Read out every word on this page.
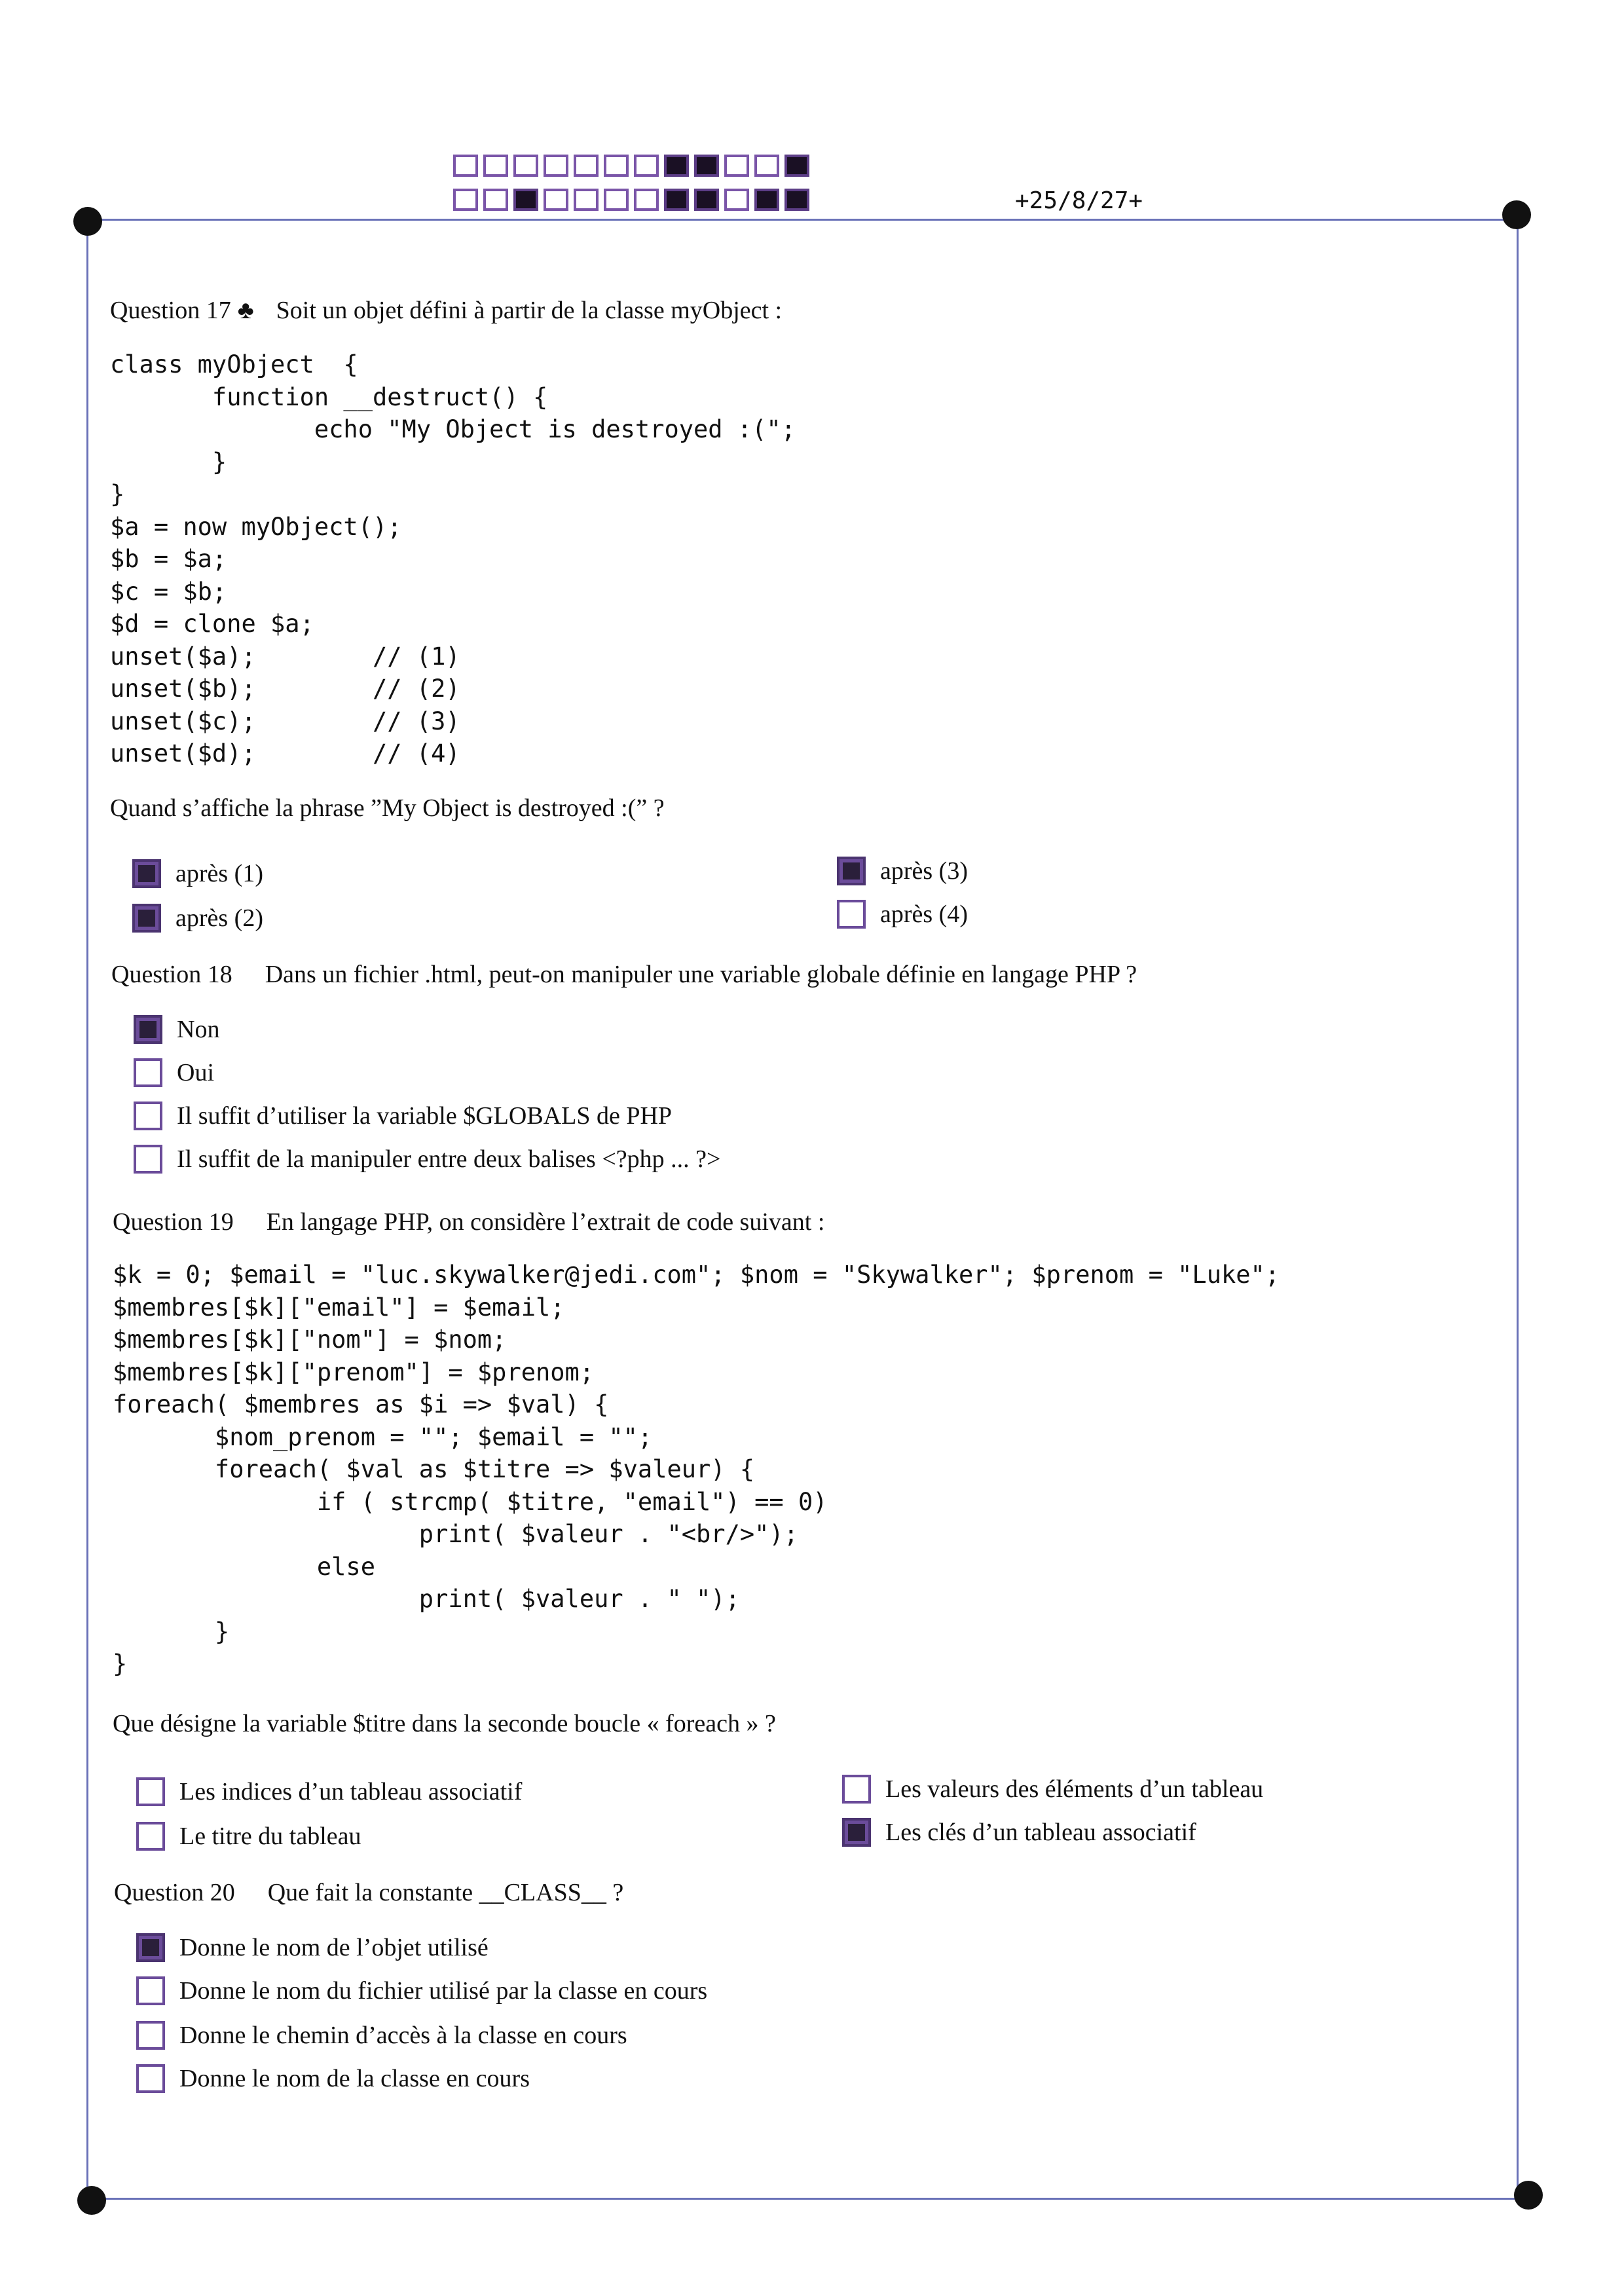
+25/8/27+
Question 17 ♣ Soit un objet défini à partir de la classe myObject :
class myObject  {
function __destruct() {
echo "My Object is destroyed :(";
}
}
$a = now myObject();
$b = $a;
$c = $b;
$d = clone $a;
unset($a);        // (1)
unset($b);        // (2)
unset($c);        // (3)
unset($d);        // (4)
Quand s’affiche la phrase ”My Object is destroyed :(” ?
après (1)
après (2)
après (3)
après (4)
Question 18 Dans un fichier .html, peut-on manipuler une variable globale définie en langage PHP ?
Non
Oui
Il suffit d’utiliser la variable $GLOBALS de PHP
Il suffit de la manipuler entre deux balises <?php ... ?>
Question 19 En langage PHP, on considère l’extrait de code suivant :
$k = 0; $email = "luc.skywalker@jedi.com"; $nom = "Skywalker"; $prenom = "Luke";
$membres[$k]["email"] = $email;
$membres[$k]["nom"] = $nom;
$membres[$k]["prenom"] = $prenom;
foreach( $membres as $i => $val) {
$nom_prenom = ""; $email = "";
foreach( $val as $titre => $valeur) {
if ( strcmp( $titre, "email") == 0)
print( $valeur . "<br/>");
else
print( $valeur . " ");
}
}
Que désigne la variable $titre dans la seconde boucle « foreach » ?
Les indices d’un tableau associatif
Le titre du tableau
Les valeurs des éléments d’un tableau
Les clés d’un tableau associatif
Question 20 Que fait la constante __CLASS__ ?
Donne le nom de l’objet utilisé
Donne le nom du fichier utilisé par la classe en cours
Donne le chemin d’accès à la classe en cours
Donne le nom de la classe en cours
